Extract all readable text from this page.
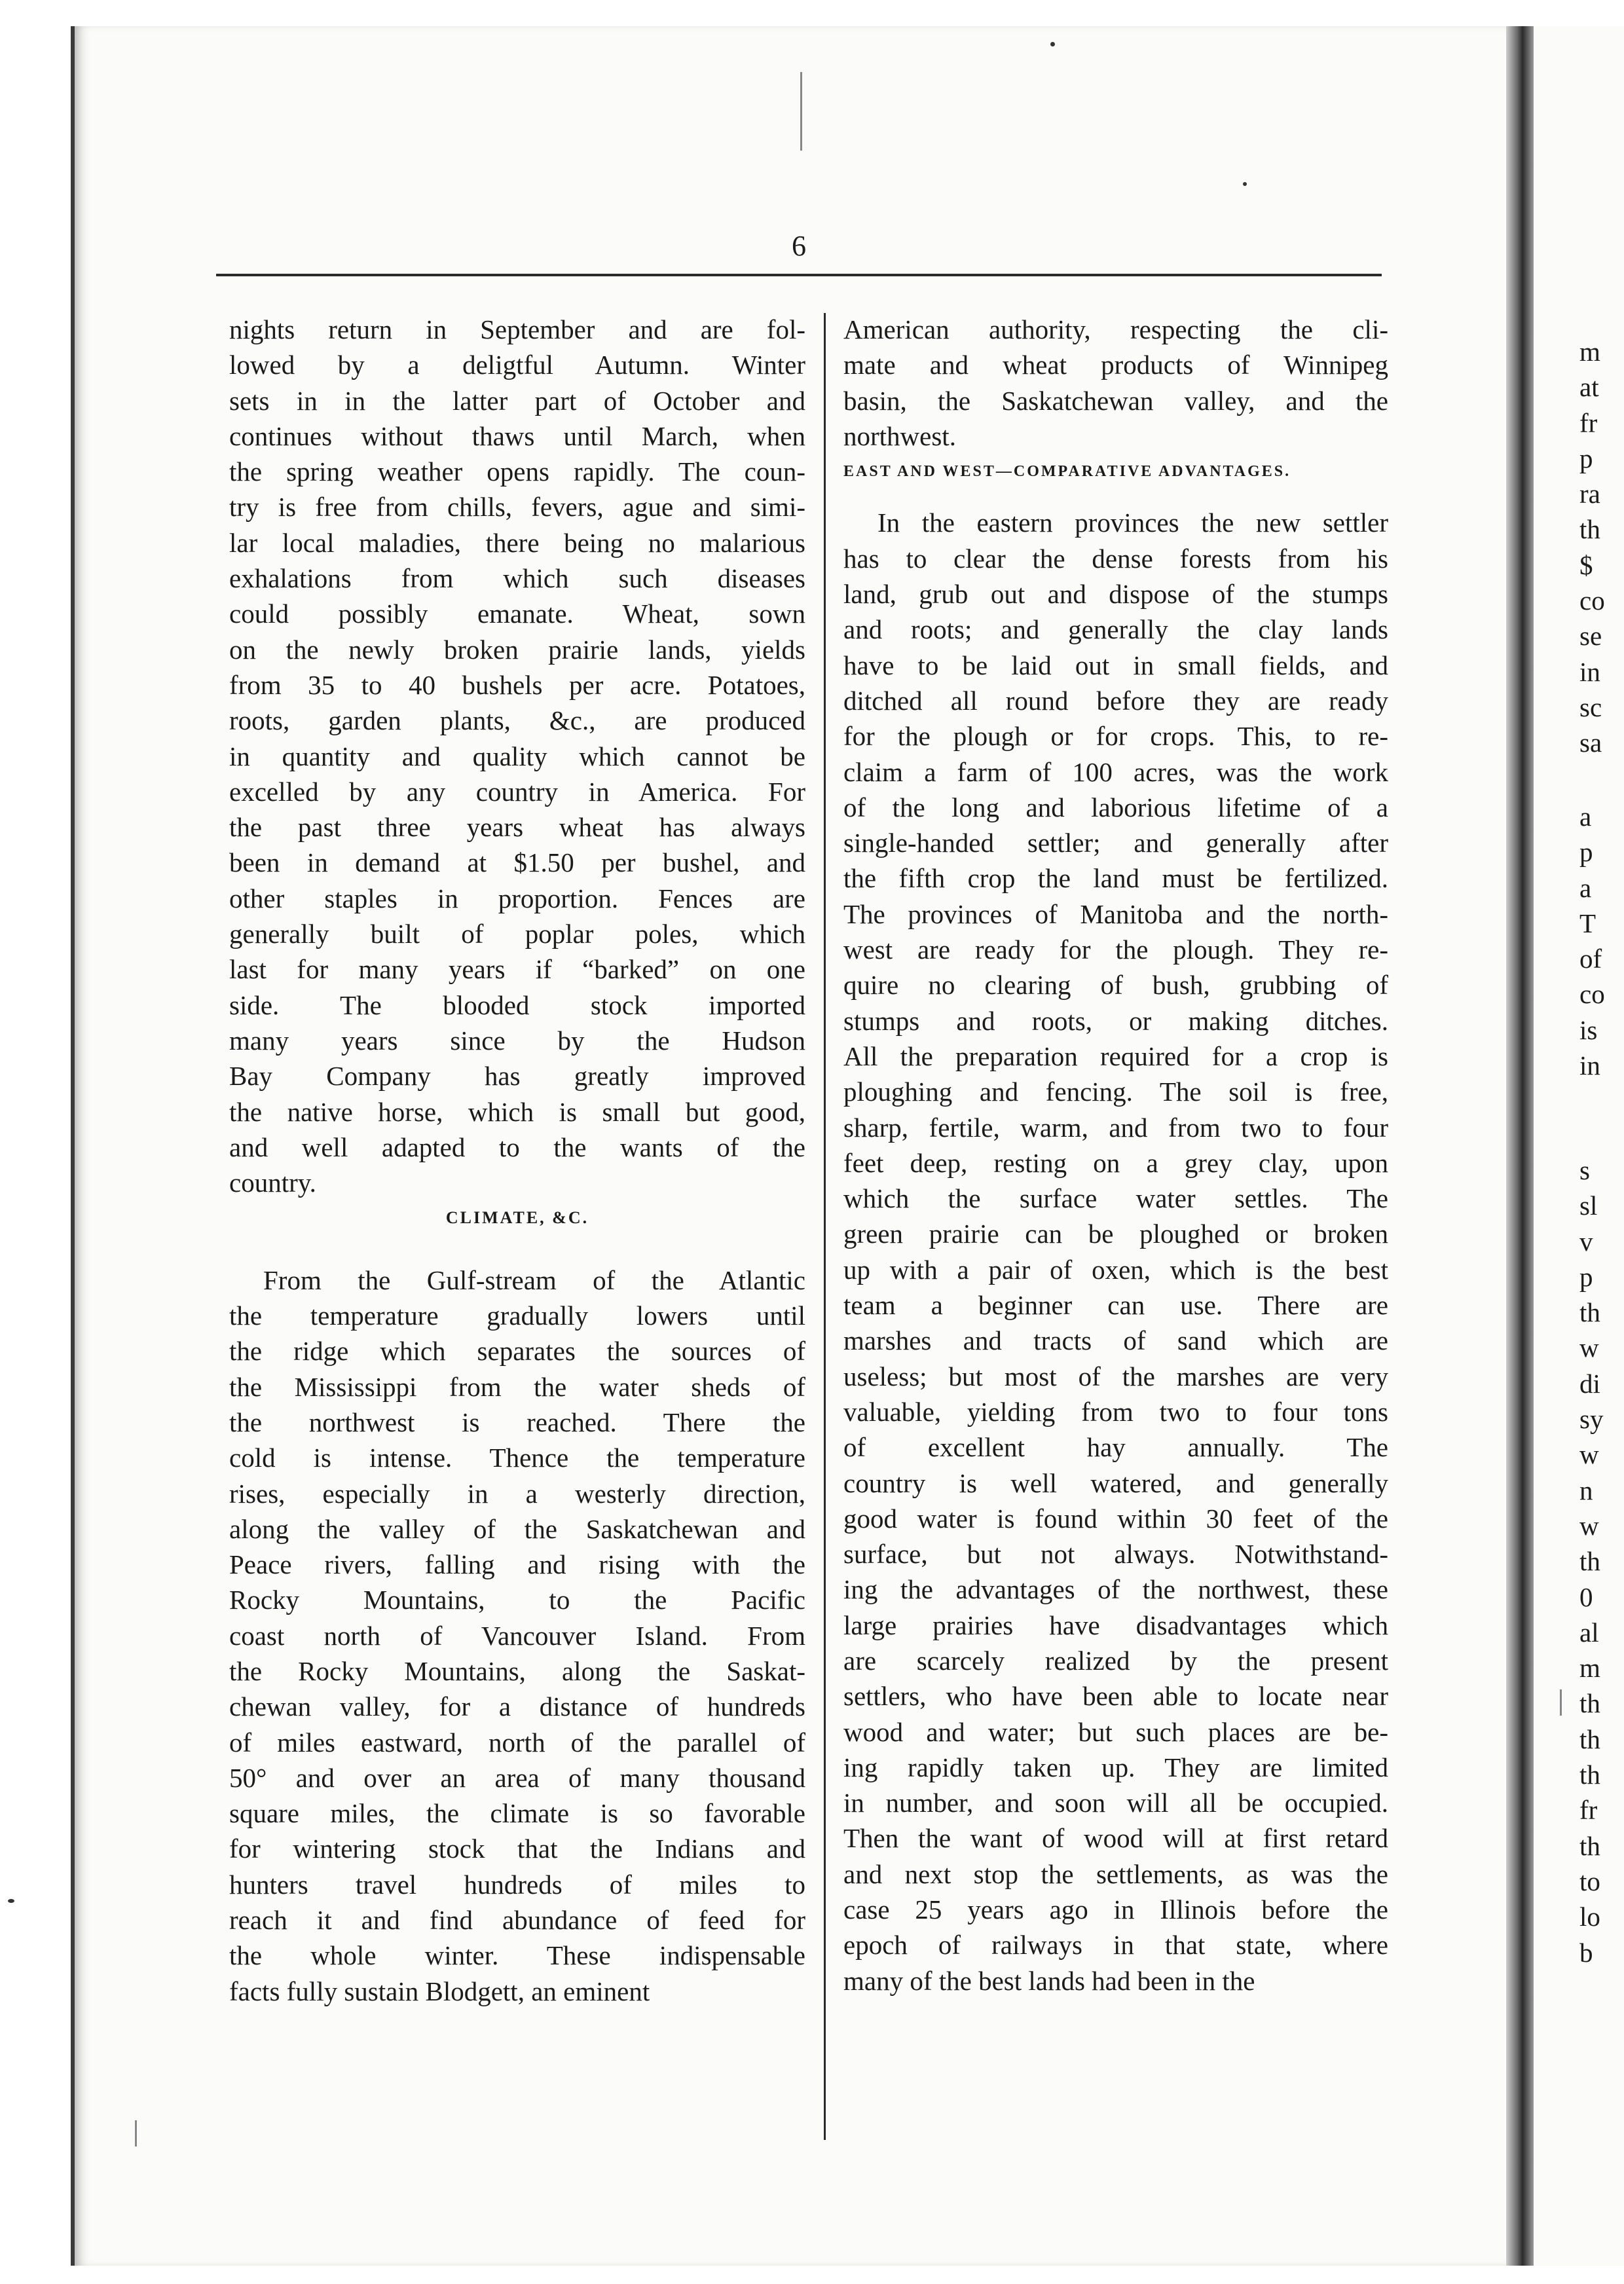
m
at
fr
p
ra
th
$
co
se
in
sc
sa
a
p
a
T
of
co
is
in
s
sl
v
p
th
w
di
sy
w
n
w
th
0
al
m
th
th
th
fr
th
to
lo
b
6
nights return in September and are fol-
lowed by a deligtful Autumn. Winter
sets in in the latter part of October and
continues without thaws until March, when
the spring weather opens rapidly. The coun-
try is free from chills, fevers, ague and simi-
lar local maladies, there being no malarious
exhalations from which such diseases
could possibly emanate. Wheat, sown
on the newly broken prairie lands, yields
from 35 to 40 bushels per acre. Potatoes,
roots, garden plants, &c., are produced
in quantity and quality which cannot be
excelled by any country in America. For
the past three years wheat has always
been in demand at $1.50 per bushel, and
other staples in proportion. Fences are
generally built of poplar poles, which
last for many years if “barked” on one
side. The blooded stock imported
many years since by the Hudson
Bay Company has greatly improved
the native horse, which is small but good,
and well adapted to the wants of the
country.
CLIMATE, &C.
From the Gulf-stream of the Atlantic
the temperature gradually lowers until
the ridge which separates the sources of
the Mississippi from the water sheds of
the northwest is reached. There the
cold is intense. Thence the temperature
rises, especially in a westerly direction,
along the valley of the Saskatchewan and
Peace rivers, falling and rising with the
Rocky Mountains, to the Pacific
coast north of Vancouver Island. From
the Rocky Mountains, along the Saskat-
chewan valley, for a distance of hundreds
of miles eastward, north of the parallel of
50° and over an area of many thousand
square miles, the climate is so favorable
for wintering stock that the Indians and
hunters travel hundreds of miles to
reach it and find abundance of feed for
the whole winter. These indispensable
facts fully sustain Blodgett, an eminent
American authority, respecting the cli-
mate and wheat products of Winnipeg
basin, the Saskatchewan valley, and the
northwest.
EAST AND WEST—COMPARATIVE ADVANTAGES.
In the eastern provinces the new settler
has to clear the dense forests from his
land, grub out and dispose of the stumps
and roots; and generally the clay lands
have to be laid out in small fields, and
ditched all round before they are ready
for the plough or for crops. This, to re-
claim a farm of 100 acres, was the work
of the long and laborious lifetime of a
single-handed settler; and generally after
the fifth crop the land must be fertilized.
The provinces of Manitoba and the north-
west are ready for the plough. They re-
quire no clearing of bush, grubbing of
stumps and roots, or making ditches.
All the preparation required for a crop is
ploughing and fencing. The soil is free,
sharp, fertile, warm, and from two to four
feet deep, resting on a grey clay, upon
which the surface water settles. The
green prairie can be ploughed or broken
up with a pair of oxen, which is the best
team a beginner can use. There are
marshes and tracts of sand which are
useless; but most of the marshes are very
valuable, yielding from two to four tons
of excellent hay annually. The
country is well watered, and generally
good water is found within 30 feet of the
surface, but not always. Notwithstand-
ing the advantages of the northwest, these
large prairies have disadvantages which
are scarcely realized by the present
settlers, who have been able to locate near
wood and water; but such places are be-
ing rapidly taken up. They are limited
in number, and soon will all be occupied.
Then the want of wood will at first retard
and next stop the settlements, as was the
case 25 years ago in Illinois before the
epoch of railways in that state, where
many of the best lands had been in the
